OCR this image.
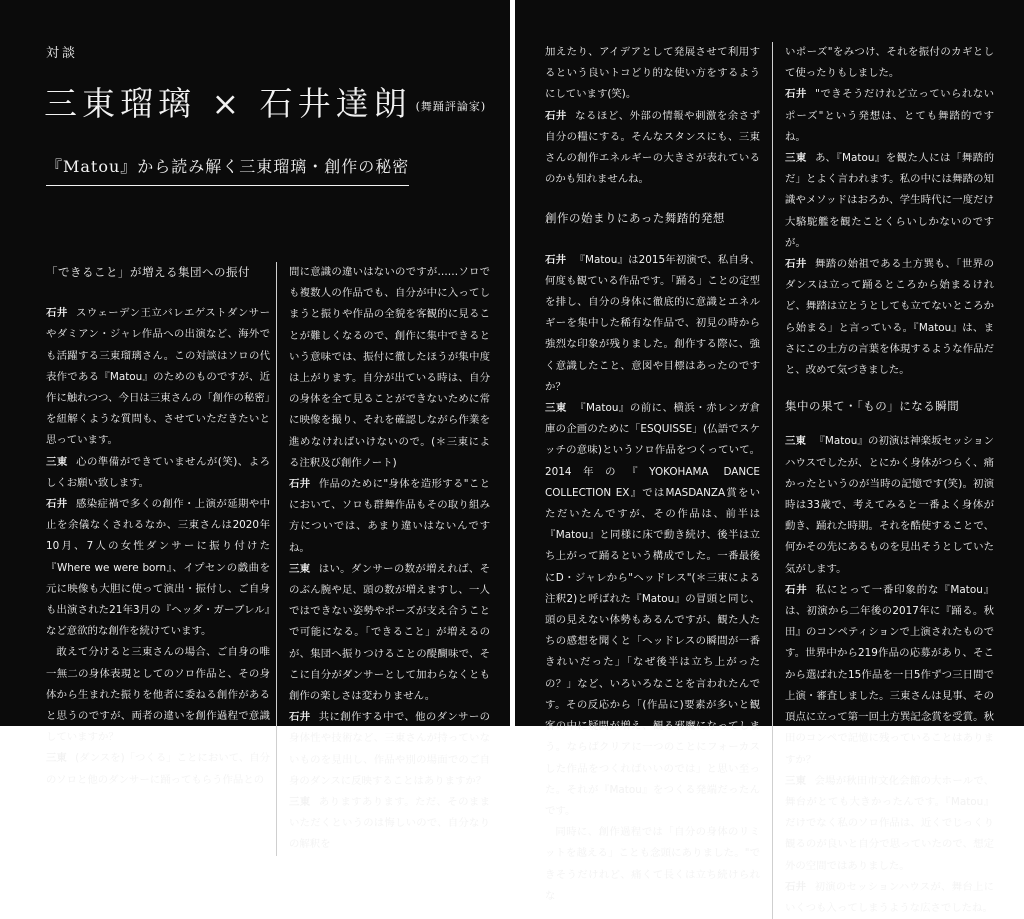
対談
三東瑠璃 × 石井達朗 (舞踊評論家)
『Matou』から読み解く三東瑠璃・創作の秘密

「できること」が増える集団への振付

石井 スウェーデン王立バレエゲストダンサーやダミアン・ジャレ作品への出演など、海外でも活躍する三東瑠璃さん。この対談はソロの代表作である『Matou』のためのものですが、近作に触れつつ、今日は三東さんの「創作の秘密」を紐解くような質問も、させていただきたいと思っています。

三東 心の準備ができていませんが(笑)、よろしくお願い致します。

石井 感染症禍で多くの創作・上演が延期や中止を余儀なくされるなか、三東さんは2020年10月、7人の女性ダンサーに振り付けた『Where we were born』、イプセンの戯曲を元に映像も大胆に使って演出・振付し、ご自身も出演された21年3月の『ヘッダ・ガーブレル』など意欲的な創作を続けています。

敢えて分けると三東さんの場合、ご自身の唯一無二の身体表現としてのソロ作品と、その身体から生まれた振りを他者に委ねる創作があると思うのですが、両者の違いを創作過程で意識していますか？

三東 (ダンスを)「つくる」ことにおいて、自分のソロと他のダンサーに踊ってもらう作品との

間に意識の違いはないのですが……ソロでも複数人の作品でも、自分が中に入ってしまうと振りや作品の全貌を客観的に見ることが難しくなるので、創作に集中できるという意味では、振付に徹したほうが集中度は上がります。自分が出ている時は、自分の身体を全て見ることができないために常に映像を撮り、それを確認しながら作業を進めなければいけないので。(＊三東による注釈及び創作ノート)

石井 作品のために"身体を造形する"ことにおいて、ソロも群舞作品もその取り組み方についでは、あまり違いはないんですね。

三東 はい。ダンサーの数が増えれば、そのぶん腕や足、頭の数が増えますし、一人ではできない姿勢やポーズが支え合うことで可能になる。「できること」が増えるのが、集団へ振りつけることの醍醐味で、そこに自分がダンサーとして加わらなくとも創作の楽しさは変わりません。

石井 共に創作する中で、他のダンサーの身体性や技術など、三東さんが持っていないものを見出し、作品や別の場面でのご自身のダンスに反映することはありますか？

三東 ありますあります。ただ、そのままいただくというのは悔しいので、自分なりの解釈を

加えたり、アイデアとして発展させて利用するという良いトコどり的な使い方をするようにしています(笑)。

石井 なるほど、外部の情報や刺激を余さず自分の糧にする。そんなスタンスにも、三東さんの創作エネルギーの大きさが表れているのかも知れませんね。

創作の始まりにあった舞踏的発想

石井 『Matou』は2015年初演で、私自身、何度も観ている作品です。「踊る」ことの定型を排し、自分の身体に徹底的に意識とエネルギーを集中した稀有な作品で、初見の時から強烈な印象が残りました。創作する際に、強く意識したこと、意図や目標はあったのですか？

三東 『Matou』の前に、横浜・赤レンガ倉庫の企画のために「ESQUISSE」(仏語でスケッチの意味)というソロ作品をつくっていて。2014年の『YOKOHAMA DANCE COLLECTION EX』ではMASDANZA賞をいただいたんですが、その作品は、前半は『Matou』と同様に床で動き続け、後半は立ち上がって踊るという構成でした。一番最後にD・ジャレから"ヘッドレス"(＊三東による注釈2)と呼ばれた『Matou』の冒頭と同じ、頭の見えない体勢もあるんですが、観た人たちの感想を聞くと「ヘッドレスの瞬間が一番きれいだった」「なぜ後半は立ち上がったの？」など、いろいろなことを言われたんです。その反応から「(作品に)要素が多いと観客の中に疑問が増え、観る邪魔になってしまう。ならばクリアに一つのことにフォーカスした作品をつくればいいのでは」と思い至った。それが『Matou』をつくる発端だったんです。

同時に、創作過程では「自分の身体のリミットを越える」ことも念頭にありました。"できそうだけれど、痛くて長くは立ち続けられな

いポーズ"をみつけ、それを振付のカギとして使ったりもしました。

石井 "できそうだけれど立っていられないポーズ"という発想は、とても舞踏的ですね。

三東 あ、『Matou』を観た人には「舞踏的だ」とよく言われます。私の中には舞踏の知識やメソッドはおろか、学生時代に一度だけ大駱駝艦を観たことくらいしかないのですが。

石井 舞踏の始祖である土方巽も、「世界のダンスは立って踊るところから始まるけれど、舞踏は立とうとしても立てないところから始まる」と言っている。『Matou』は、まさにこの土方の言葉を体現するような作品だと、改めて気づきました。

集中の果て・「もの」になる瞬間

三東 『Matou』の初演は神楽坂セッションハウスでしたが、とにかく身体がつらく、痛かったというのが当時の記憶です(笑)。初演時は33歳で、考えてみると一番よく身体が動き、踊れた時期。それを酷使することで、何かその先にあるものを見出そうとしていた気がします。

石井 私にとって一番印象的な『Matou』は、初演から二年後の2017年に『踊る。秋田』のコンペティションで上演されたものです。世界中から219作品の応募があり、そこから選ばれた15作品を一日5作ずつ三日間で上演・審査しました。三東さんは見事、その頂点に立って第一回土方巽記念賞を受賞。秋田のコンペで記憶に残っていることはありますか？

三東 会場が秋田市文化会館の大ホールで、舞台がとても大きかったんです。『Matou』だけでなく私のソロ作品は、近くでじっくり観るのが良いと自分で思っていたので、想定外の空間ではありました。

石井 初演のセッションハウスが、舞台上にいくつも入ってしまうような広さでしたね。
